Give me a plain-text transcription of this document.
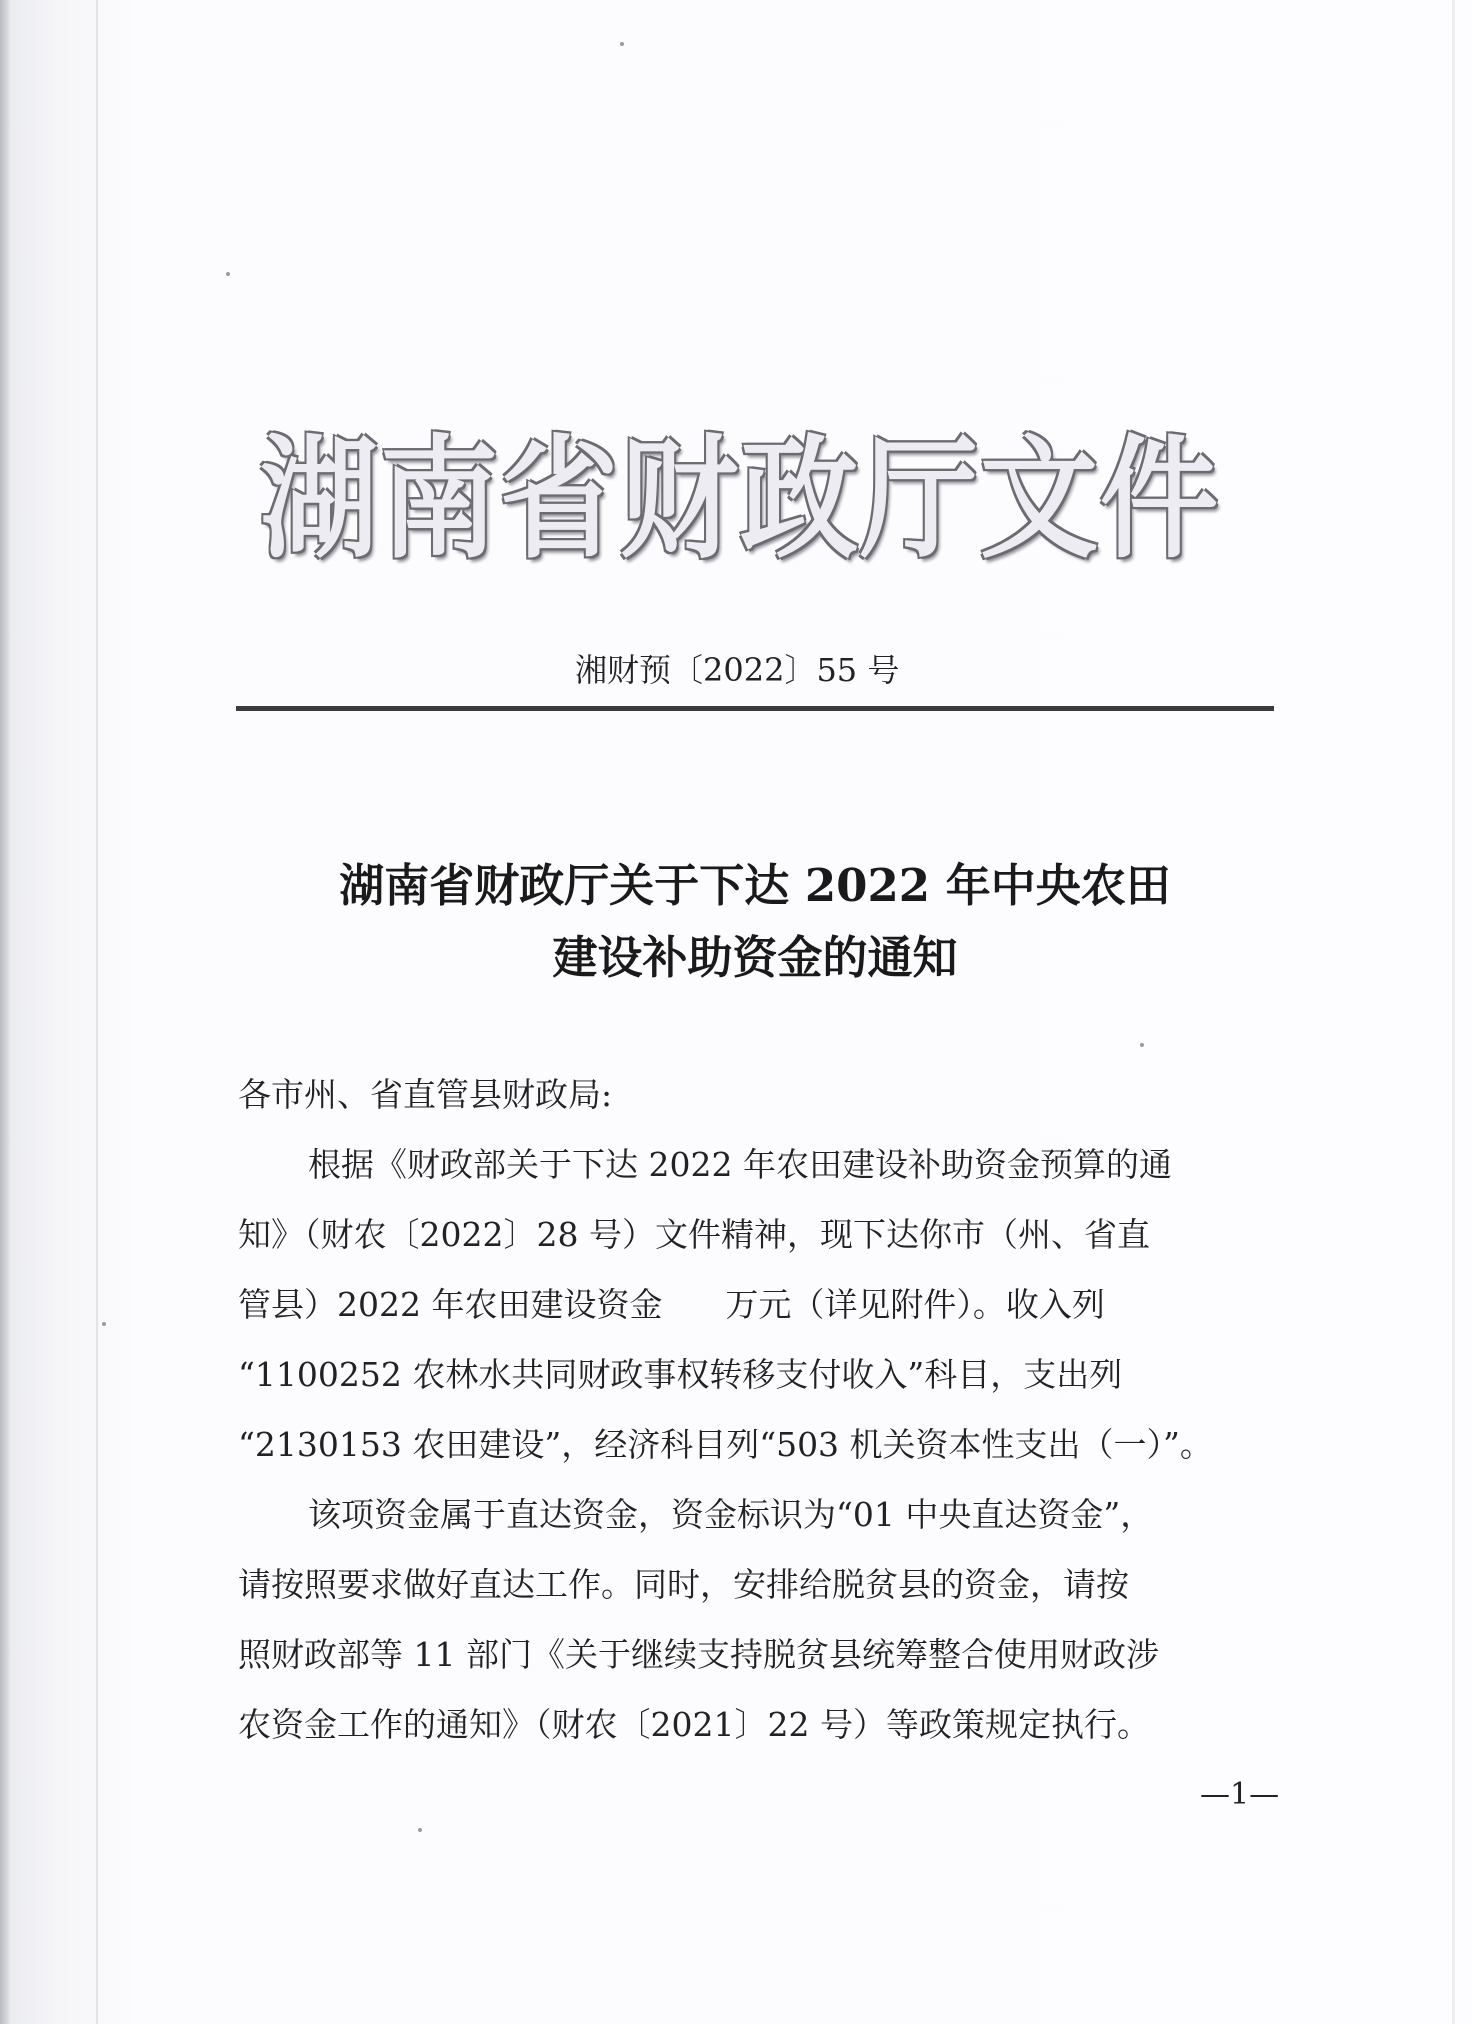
湖南省财政厅文件
湘财预〔2022〕55 号
湖南省财政厅关于下达 2022 年中央农田
建设补助资金的通知

各市州、省直管县财政局:

根据《财政部关于下达 2022 年农田建设补助资金预算的通

知》（财农〔2022〕28 号）文件精神，现下达你市（州、省直

管县）2022 年农田建设资金      万元（详见附件）。收入列

“1100252 农林水共同财政事权转移支付收入”科目，支出列

“2130153 农田建设”，经济科目列“503 机关资本性支出（一）”。

该项资金属于直达资金，资金标识为“01 中央直达资金”，

请按照要求做好直达工作。同时，安排给脱贫县的资金，请按

照财政部等 11 部门《关于继续支持脱贫县统筹整合使用财政涉

农资金工作的通知》（财农〔2021〕22 号）等政策规定执行。

—1—
